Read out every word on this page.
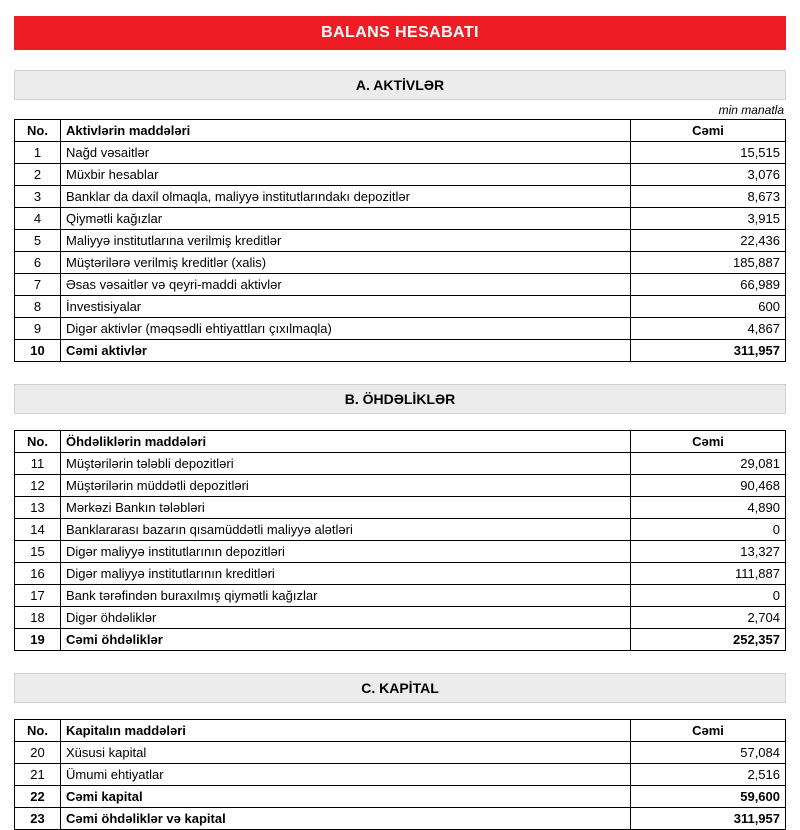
BALANS HESABATI
A. AKTİVLƏR
min manatla
No.	Aktivlərin maddələri	Cəmi
1	Nağd vəsaitlər	15,515
2	Müxbir hesablar	3,076
3	Banklar da daxil olmaqla, maliyyə institutlarındakı depozitlər	8,673
4	Qiymətli kağızlar	3,915
5	Maliyyə institutlarına verilmiş kreditlər	22,436
6	Müştərilərə verilmiş kreditlər (xalis)	185,887
7	Əsas vəsaitlər və qeyri-maddi aktivlər	66,989
8	İnvestisiyalar	600
9	Digər aktivlər (məqsədli ehtiyattları çıxılmaqla)	4,867
10	Cəmi aktivlər	311,957
B. ÖHDƏLİKLƏR
No.	Öhdəliklərin maddələri	Cəmi
11	Müştərilərin tələbli depozitləri	29,081
12	Müştərilərin müddətli depozitləri	90,468
13	Mərkəzi Bankın tələbləri	4,890
14	Banklararası bazarın qısamüddətli maliyyə alətləri	0
15	Digər maliyyə institutlarının depozitləri	13,327
16	Digər maliyyə institutlarının kreditləri	111,887
17	Bank tərəfindən buraxılmış qiymətli kağızlar	0
18	Digər öhdəliklər	2,704
19	Cəmi öhdəliklər	252,357
C. KAPİTAL
No.	Kapitalın maddələri	Cəmi
20	Xüsusi kapital	57,084
21	Ümumi ehtiyatlar	2,516
22	Cəmi kapital	59,600
23	Cəmi öhdəliklər və kapital	311,957
